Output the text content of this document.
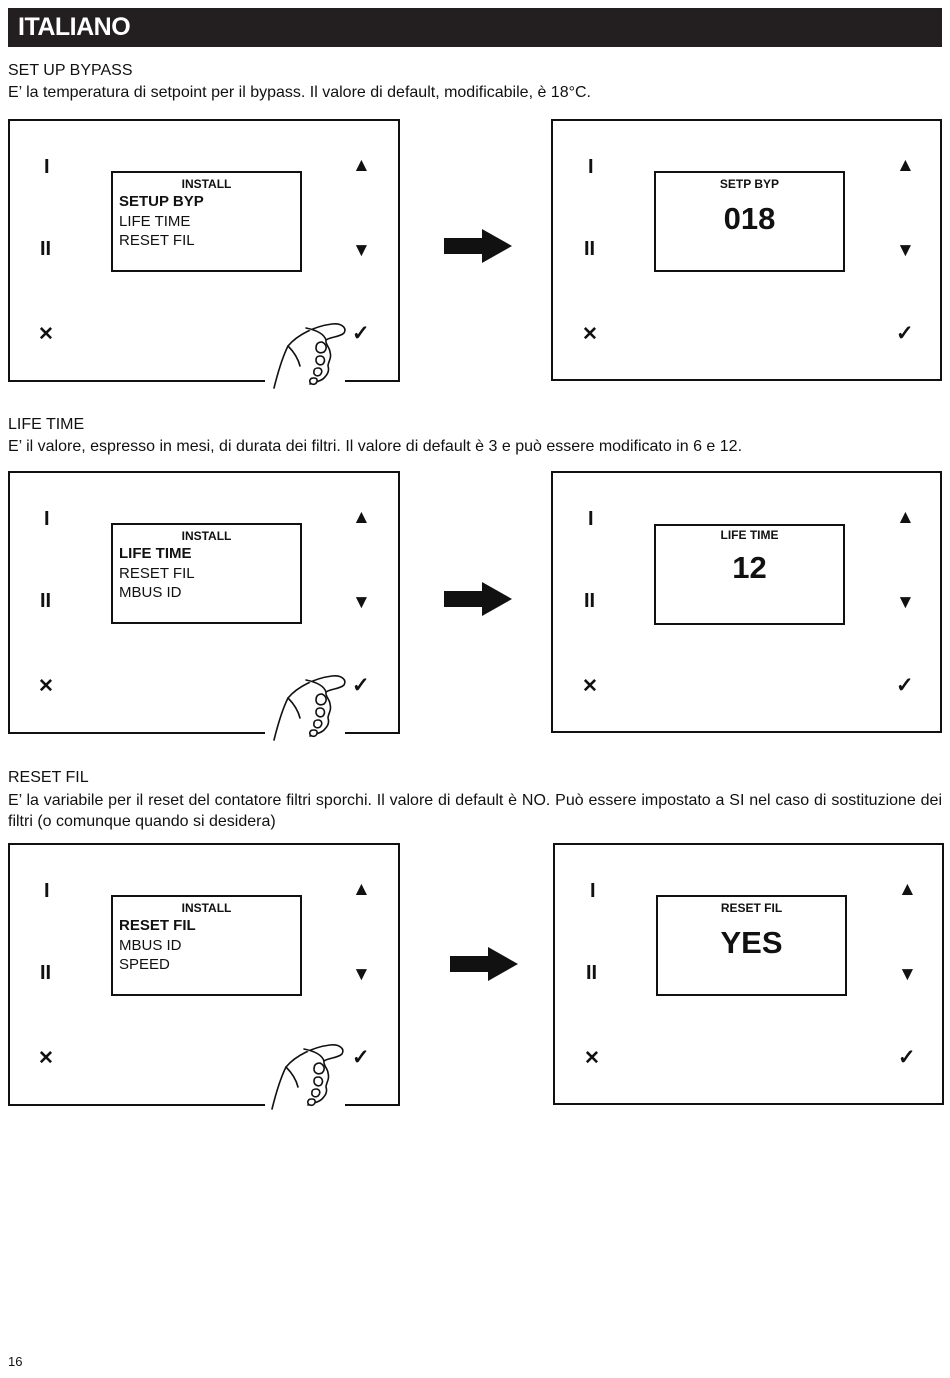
ITALIANO
SET UP BYPASS
E’ la temperatura di setpoint per il bypass. Il valore di default, modificabile, è 18°C.
I
II
✕
▲
▼
✓
INSTALL
SETUP BYP
LIFE TIME
RESET FIL
I
II
✕
▲
▼
✓
SETP BYP
018
LIFE TIME
E’ il valore, espresso in mesi, di durata dei filtri. Il valore di default è 3 e può essere modificato in 6 e 12.
I
II
✕
▲
▼
✓
INSTALL
LIFE TIME
RESET FIL
MBUS ID
I
II
✕
▲
▼
✓
LIFE TIME
12
RESET FIL
E’ la variabile per il reset del contatore filtri sporchi. Il valore di default è NO. Può essere impostato a SI nel caso di sostituzione dei filtri (o comunque quando si desidera)
I
II
✕
▲
▼
✓
INSTALL
RESET FIL
MBUS ID
SPEED
I
II
✕
▲
▼
✓
RESET FIL
YES
16
